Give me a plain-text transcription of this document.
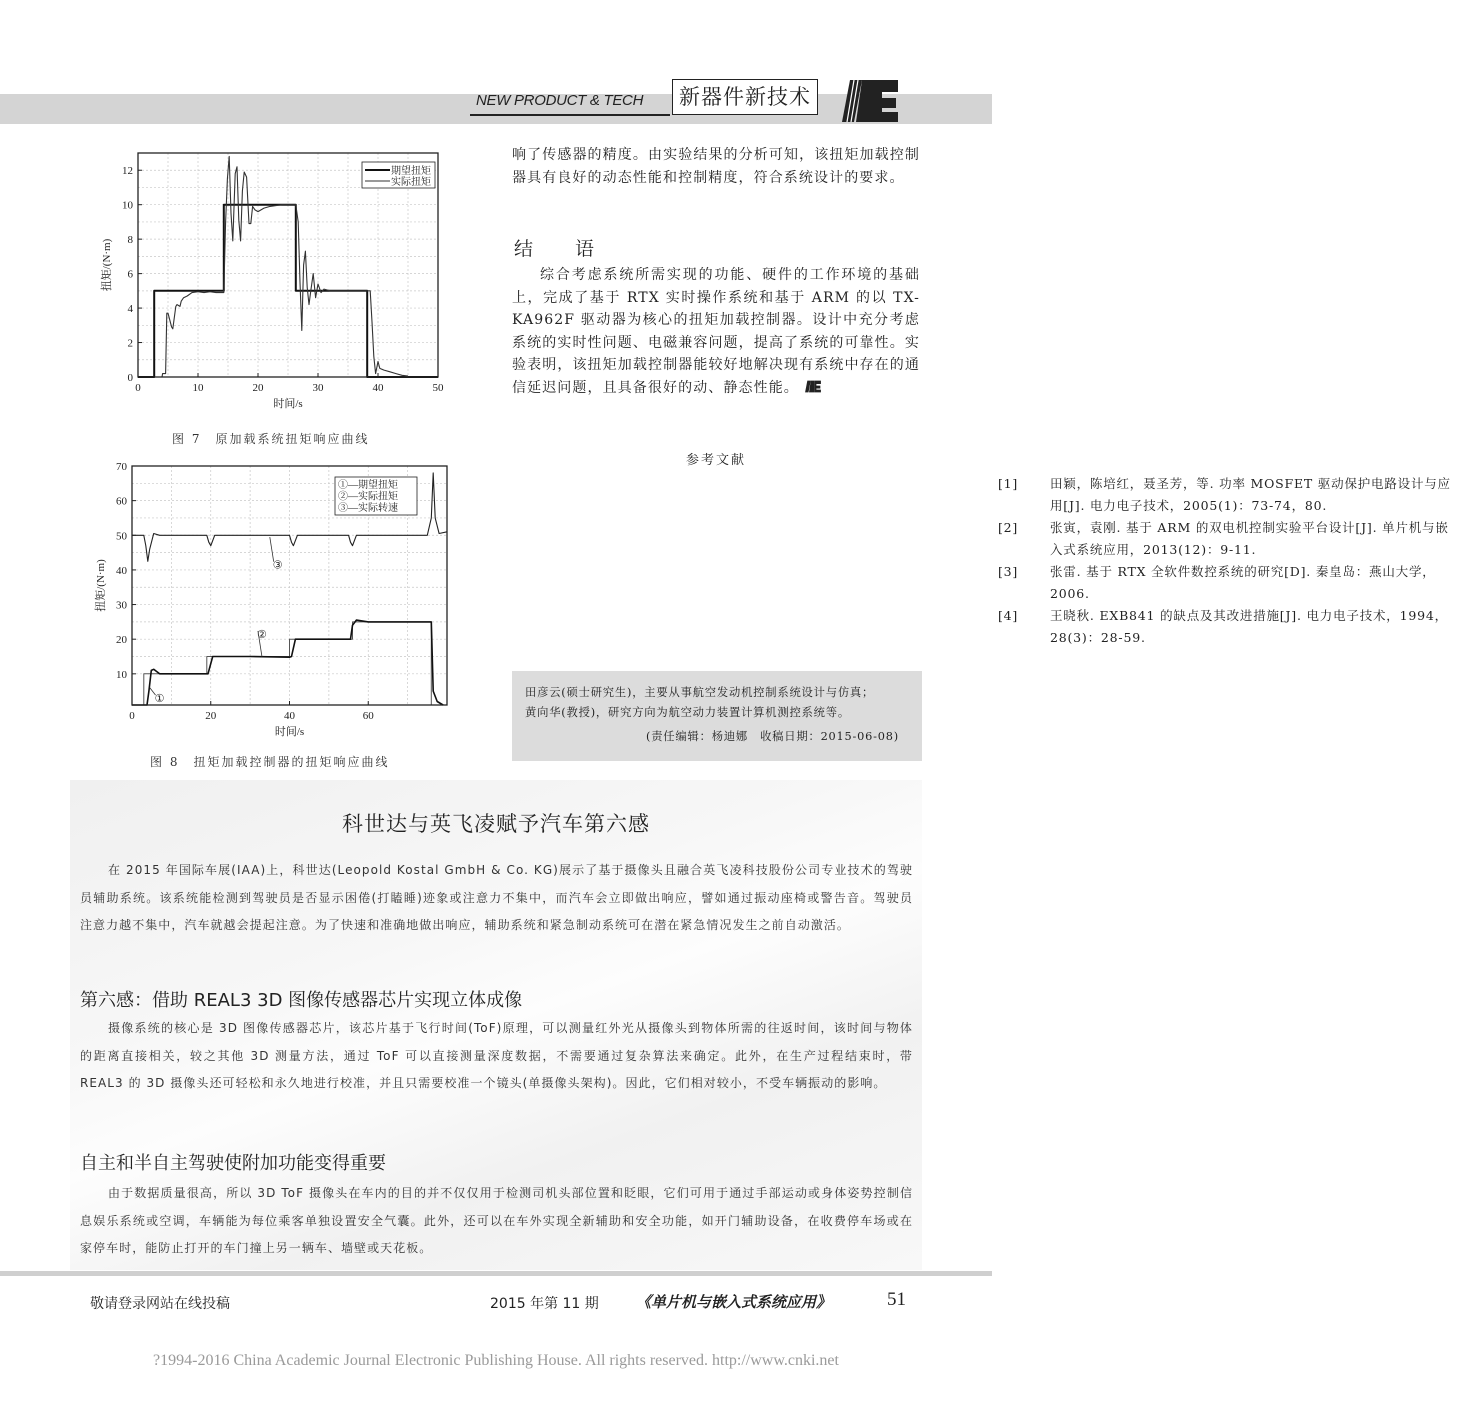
NEW PRODUCT & TECH	新器件新技术
0	10	20	30	40	50
0
2
4
6
8
10
12
时间/s
扭矩/(N·m)
期望扭矩
实际扭矩
图 7　原加载系统扭矩响应曲线
0	20	40	60
10
20
30
40
50
60
70
时间/s
扭矩/(N·m)
①—期望扭矩
②—实际扭矩
③—实际转速
①
②
③
图 8　扭矩加载控制器的扭矩响应曲线
响了传感器的精度。由实验结果的分析可知，该扭矩加载控制器具有良好的动态性能和控制精度，符合系统设计的要求。
结 语
综合考虑系统所需实现的功能、硬件的工作环境的基础上，完成了基于 RTX 实时操作系统和基于 ARM 的以 TX-KA962F 驱动器为核心的扭矩加载控制器。设计中充分考虑系统的实时性问题、电磁兼容问题，提高了系统的可靠性。实验表明，该扭矩加载控制器能较好地解决现有系统中存在的通信延迟问题，且具备很好的动、静态性能。
参考文献
[1]	田颖，陈培红，聂圣芳，等. 功率 MOSFET 驱动保护电路设计与应用[J]. 电力电子技术，2005(1)：73-74，80.
[2]	张寅，袁刚. 基于 ARM 的双电机控制实验平台设计[J]. 单片机与嵌入式系统应用，2013(12)：9-11.
[3]	张雷. 基于 RTX 全软件数控系统的研究[D]. 秦皇岛：燕山大学，2006.
[4]	王晓秋. EXB841 的缺点及其改进措施[J]. 电力电子技术，1994，28(3)：28-59.

田彦云(硕士研究生)，主要从事航空发动机控制系统设计与仿真；

黄向华(教授)，研究方向为航空动力装置计算机测控系统等。

(责任编辑：杨迪娜　收稿日期：2015-06-08)

科世达与英飞凌赋予汽车第六感
在 2015 年国际车展(IAA)上，科世达(Leopold Kostal GmbH & Co. KG)展示了基于摄像头且融合英飞凌科技股份公司专业技术的驾驶员辅助系统。该系统能检测到驾驶员是否显示困倦(打瞌睡)迹象或注意力不集中，而汽车会立即做出响应，譬如通过振动座椅或警告音。驾驶员注意力越不集中，汽车就越会提起注意。为了快速和准确地做出响应，辅助系统和紧急制动系统可在潜在紧急情况发生之前自动激活。
第六感：借助 REAL3 3D 图像传感器芯片实现立体成像
摄像系统的核心是 3D 图像传感器芯片，该芯片基于飞行时间(ToF)原理，可以测量红外光从摄像头到物体所需的往返时间，该时间与物体的距离直接相关，较之其他 3D 测量方法，通过 ToF 可以直接测量深度数据，不需要通过复杂算法来确定。此外，在生产过程结束时，带 REAL3 的 3D 摄像头还可轻松和永久地进行校准，并且只需要校准一个镜头(单摄像头架构)。因此，它们相对较小，不受车辆振动的影响。
自主和半自主驾驶使附加功能变得重要
由于数据质量很高，所以 3D ToF 摄像头在车内的目的并不仅仅用于检测司机头部位置和眨眼，它们可用于通过手部运动或身体姿势控制信息娱乐系统或空调，车辆能为每位乘客单独设置安全气囊。此外，还可以在车外实现全新辅助和安全功能，如开门辅助设备，在收费停车场或在家停车时，能防止打开的车门撞上另一辆车、墙壁或天花板。
敬请登录网站在线投稿	2015 年第 11 期 《单片机与嵌入式系统应用》	51
?1994-2016 China Academic Journal Electronic Publishing House. All rights reserved. http://www.cnki.net
